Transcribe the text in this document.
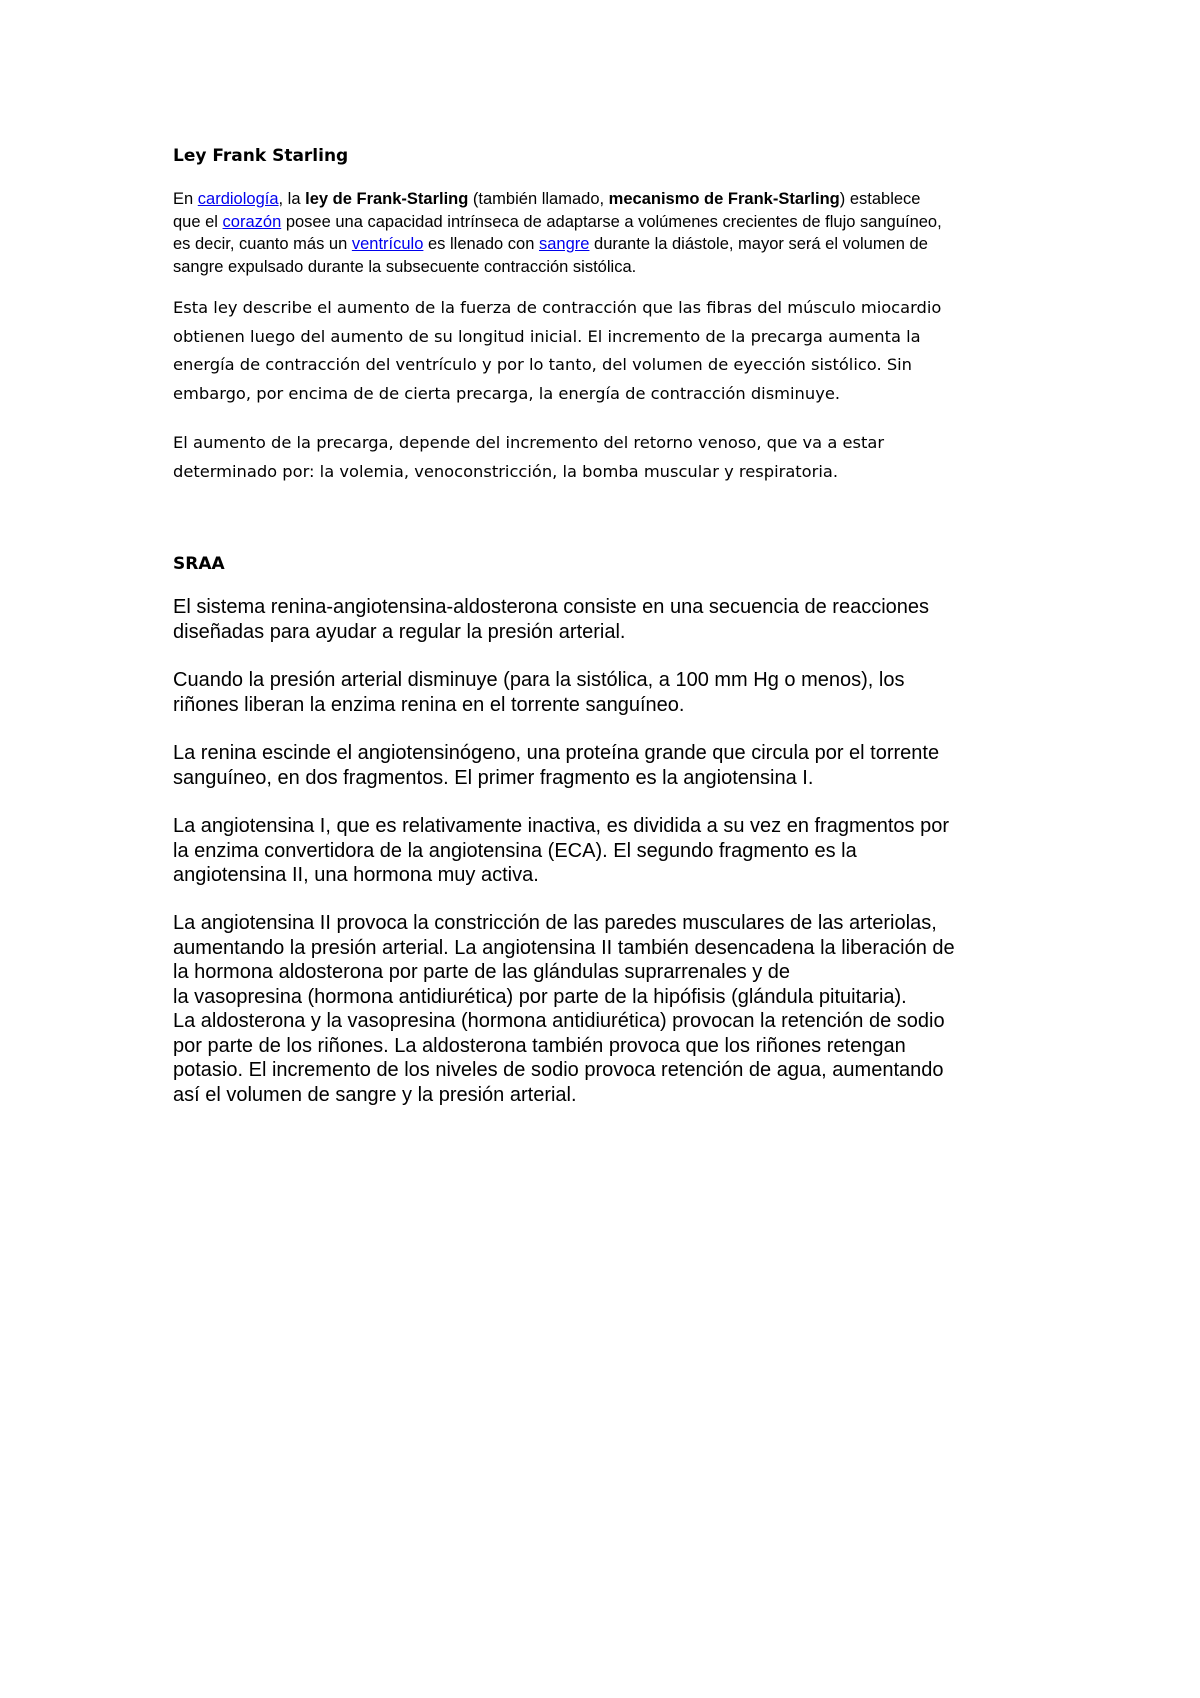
Ley Frank Starling
En cardiología, la ley de Frank-Starling (también llamado, mecanismo de Frank-Starling) establece
que el corazón posee una capacidad intrínseca de adaptarse a volúmenes crecientes de flujo sanguíneo,
es decir, cuanto más un ventrículo es llenado con sangre durante la diástole, mayor será el volumen de
sangre expulsado durante la subsecuente contracción sistólica.
Esta ley describe el aumento de la fuerza de contracción que las fibras del músculo miocardio
obtienen luego del aumento de su longitud inicial. El incremento de la precarga aumenta la
energía de contracción del ventrículo y por lo tanto, del volumen de eyección sistólico. Sin
embargo, por encima de de cierta precarga, la energía de contracción disminuye.
El aumento de la precarga, depende del incremento del retorno venoso, que va a estar
determinado por: la volemia, venoconstricción, la bomba muscular y respiratoria.
SRAA
El sistema renina-angiotensina-aldosterona consiste en una secuencia de reacciones
diseñadas para ayudar a regular la presión arterial.
Cuando la presión arterial disminuye (para la sistólica, a 100 mm Hg o menos), los
riñones liberan la enzima renina en el torrente sanguíneo.
La renina escinde el angiotensinógeno, una proteína grande que circula por el torrente
sanguíneo, en dos fragmentos. El primer fragmento es la angiotensina I.
La angiotensina I, que es relativamente inactiva, es dividida a su vez en fragmentos por
la enzima convertidora de la angiotensina (ECA). El segundo fragmento es la
angiotensina II, una hormona muy activa.
La angiotensina II provoca la constricción de las paredes musculares de las arteriolas,
aumentando la presión arterial. La angiotensina II también desencadena la liberación de
la hormona aldosterona por parte de las glándulas suprarrenales y de
la vasopresina (hormona antidiurética) por parte de la hipófisis (glándula pituitaria).
La aldosterona y la vasopresina (hormona antidiurética) provocan la retención de sodio
por parte de los riñones. La aldosterona también provoca que los riñones retengan
potasio. El incremento de los niveles de sodio provoca retención de agua, aumentando
así el volumen de sangre y la presión arterial.
